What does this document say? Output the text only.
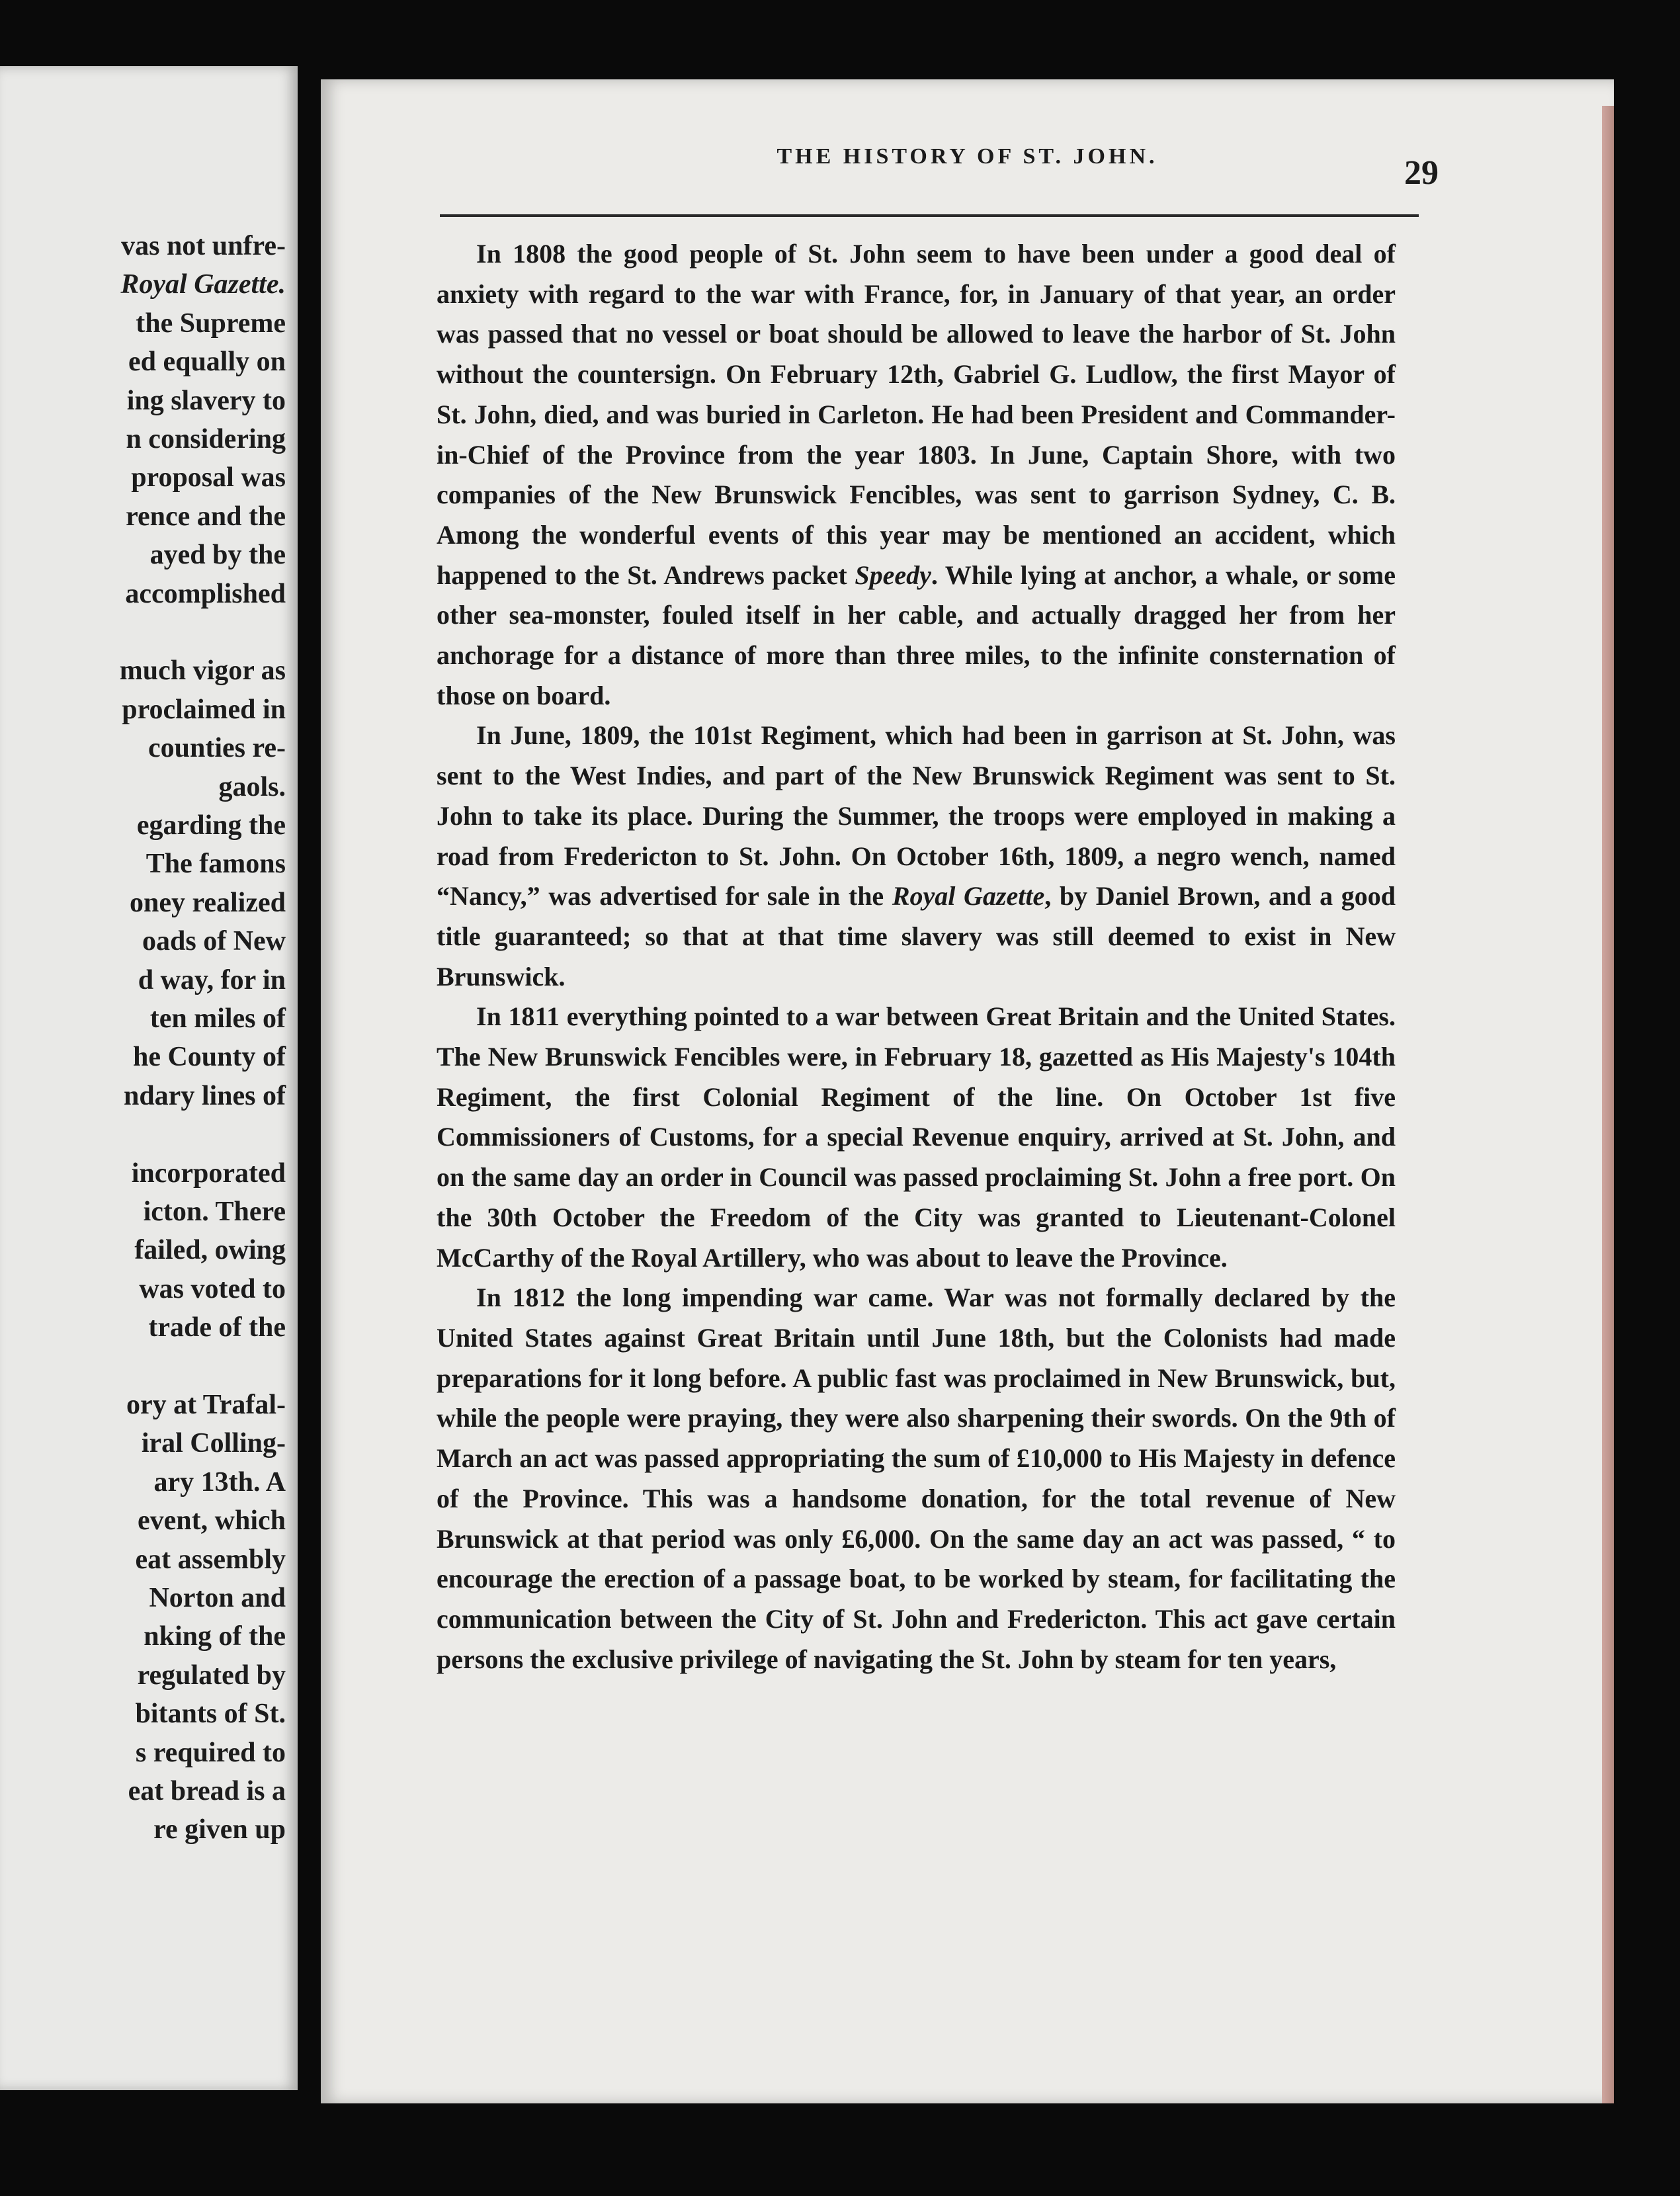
vas not unfre-
Royal Gazette.
the Supreme
ed equally on
ing slavery to
n considering
proposal was
rence and the
ayed by the
accomplished
much vigor as
proclaimed in
counties re-
gaols.
egarding the
The famons
oney realized
oads of New
d way, for in
ten miles of
he County of
ndary lines of
incorporated
icton. There
failed, owing
was voted to
trade of the
ory at Trafal-
iral Colling-
ary 13th. A
event, which
eat assembly
Norton and
nking of the
regulated by
bitants of St.
s required to
eat bread is a
re given up
THE HISTORY OF ST. JOHN.	29

In 1808 the good people of St. John seem to have been under a good deal of anxiety with regard to the war with France, for, in January of that year, an order was passed that no vessel or boat should be allowed to leave the harbor of St. John without the countersign. On February 12th, Gabriel G. Ludlow, the first Mayor of St. John, died, and was buried in Carleton. He had been President and Commander-in-Chief of the Province from the year 1803. In June, Captain Shore, with two companies of the New Brunswick Fencibles, was sent to garrison Sydney, C. B. Among the wonderful events of this year may be mentioned an accident, which happened to the St. Andrews packet Speedy. While lying at anchor, a whale, or some other sea-monster, fouled itself in her cable, and actually dragged her from her anchorage for a distance of more than three miles, to the infinite consternation of those on board.

In June, 1809, the 101st Regiment, which had been in garrison at St. John, was sent to the West Indies, and part of the New Brunswick Regiment was sent to St. John to take its place. During the Summer, the troops were employed in making a road from Fredericton to St. John. On October 16th, 1809, a negro wench, named “Nancy,” was advertised for sale in the Royal Gazette, by Daniel Brown, and a good title guaranteed; so that at that time slavery was still deemed to exist in New Brunswick.

In 1811 everything pointed to a war between Great Britain and the United States. The New Brunswick Fencibles were, in February 18, gazetted as His Majesty's 104th Regiment, the first Colonial Regiment of the line. On October 1st five Commissioners of Customs, for a special Revenue enquiry, arrived at St. John, and on the same day an order in Council was passed proclaiming St. John a free port. On the 30th October the Freedom of the City was granted to Lieutenant-Colonel McCarthy of the Royal Artillery, who was about to leave the Province.

In 1812 the long impending war came. War was not formally declared by the United States against Great Britain until June 18th, but the Colonists had made preparations for it long before. A public fast was proclaimed in New Brunswick, but, while the people were praying, they were also sharpening their swords. On the 9th of March an act was passed appropriating the sum of £10,000 to His Majesty in defence of the Province. This was a handsome donation, for the total revenue of New Brunswick at that period was only £6,000. On the same day an act was passed, “ to encourage the erection of a passage boat, to be worked by steam, for facilitating the communication between the City of St. John and Fredericton. This act gave certain persons the exclusive privilege of navigating the St. John by steam for ten years,
